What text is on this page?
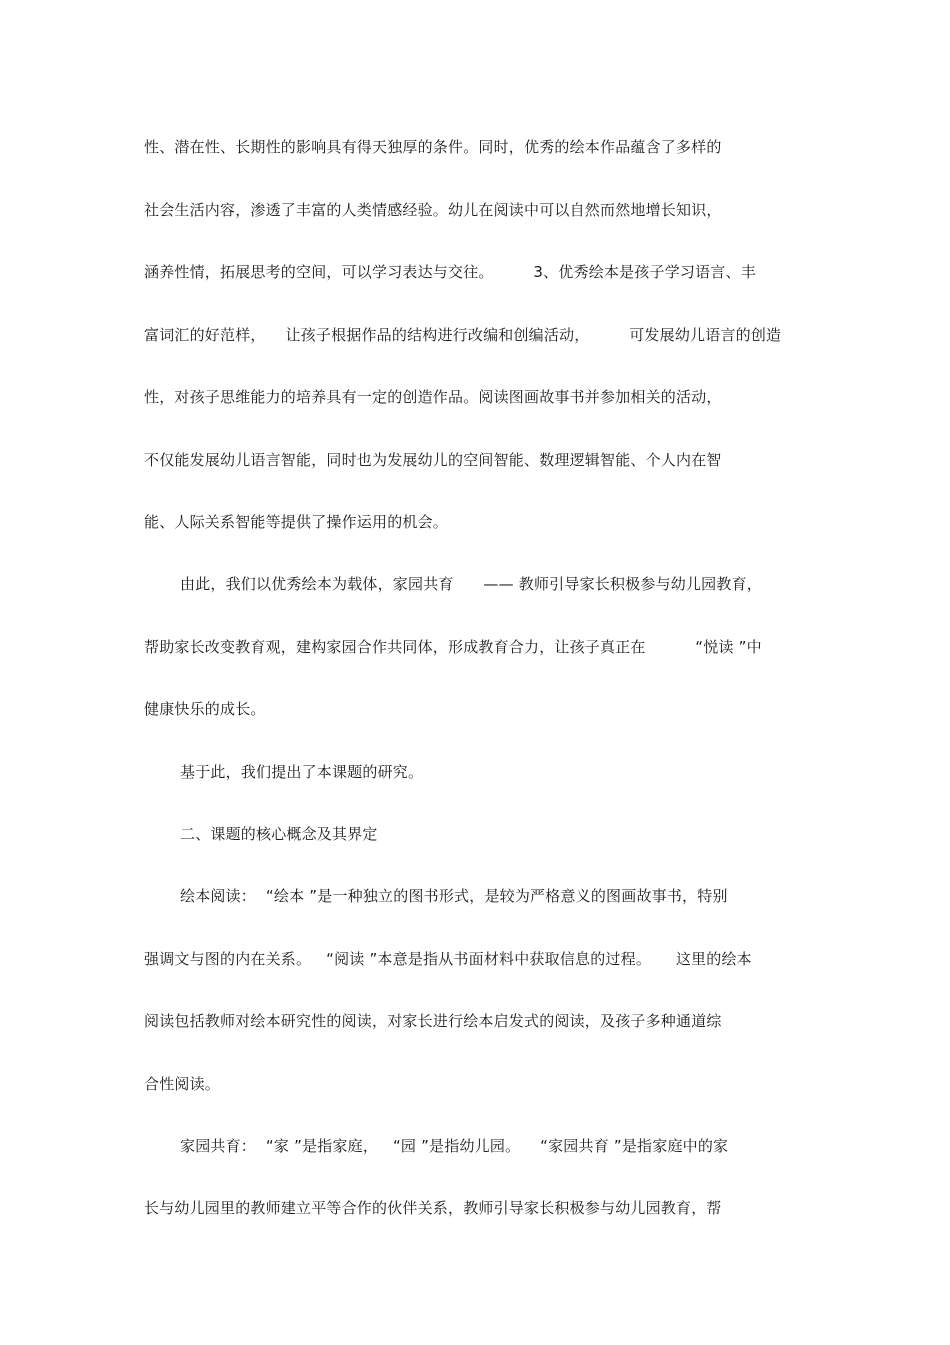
性、潜在性、长期性的影响具有得天独厚的条件。同时，优秀的绘本作品蕴含了多样的
社会生活内容，渗透了丰富的人类情感经验。幼儿在阅读中可以自然而然地增长知识，
涵养性情，拓展思考的空间，可以学习表达与交往。        3、优秀绘本是孩子学习语言、丰
富词汇的好范样，    让孩子根据作品的结构进行改编和创编活动，        可发展幼儿语言的创造
性，对孩子思维能力的培养具有一定的创造作品。阅读图画故事书并参加相关的活动，
不仅能发展幼儿语言智能，同时也为发展幼儿的空间智能、数理逻辑智能、个人内在智
能、人际关系智能等提供了操作运用的机会。
由此，我们以优秀绘本为载体，家园共育      —— 教师引导家长积极参与幼儿园教育，
帮助家长改变教育观，建构家园合作共同体，形成教育合力，让孩子真正在          “悦读 ”中
健康快乐的成长。
基于此，我们提出了本课题的研究。
二、课题的核心概念及其界定
绘本阅读：  “绘本 ”是一种独立的图书形式，是较为严格意义的图画故事书，特别
强调文与图的内在关系。   “阅读 ”本意是指从书面材料中获取信息的过程。     这里的绘本
阅读包括教师对绘本研究性的阅读，对家长进行绘本启发式的阅读，及孩子多种通道综
合性阅读。
家园共育：  “家 ”是指家庭，   “园 ”是指幼儿园。    “家园共育 ”是指家庭中的家
长与幼儿园里的教师建立平等合作的伙伴关系，教师引导家长积极参与幼儿园教育，帮
